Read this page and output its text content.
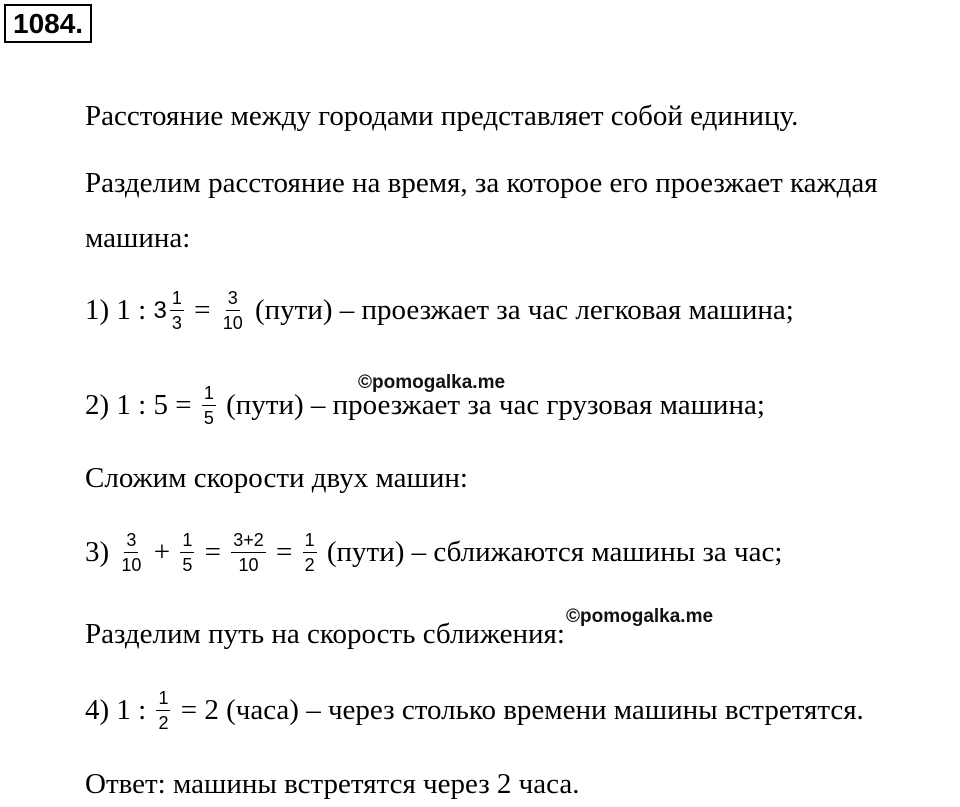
1084.
Расстояние между городами представляет собой единицу.
Разделим расстояние на время, за которое его проезжает каждая
машина:
1) 1 : $3 \frac{1}{3} = \frac{3}{10}$ (пути) – проезжает за час легковая машина;
2) 1 : $5 = \frac{1}{5}$ (пути) – проезжает за час грузовая машина;
Сложим скорости двух машин:
$3) \frac{3}{10} + \frac{1}{5} = \frac{3+2}{10} = \frac{1}{2}$ (пути) – сближаются машины за час;
Разделим путь на скорость сближения:
4) 1 : $\frac{1}{2} = 2$ (часа) – через столько времени машины встретятся.
Ответ: машины встретятся через 2 часа.
©pomogalka.me
©pomogalka.me
